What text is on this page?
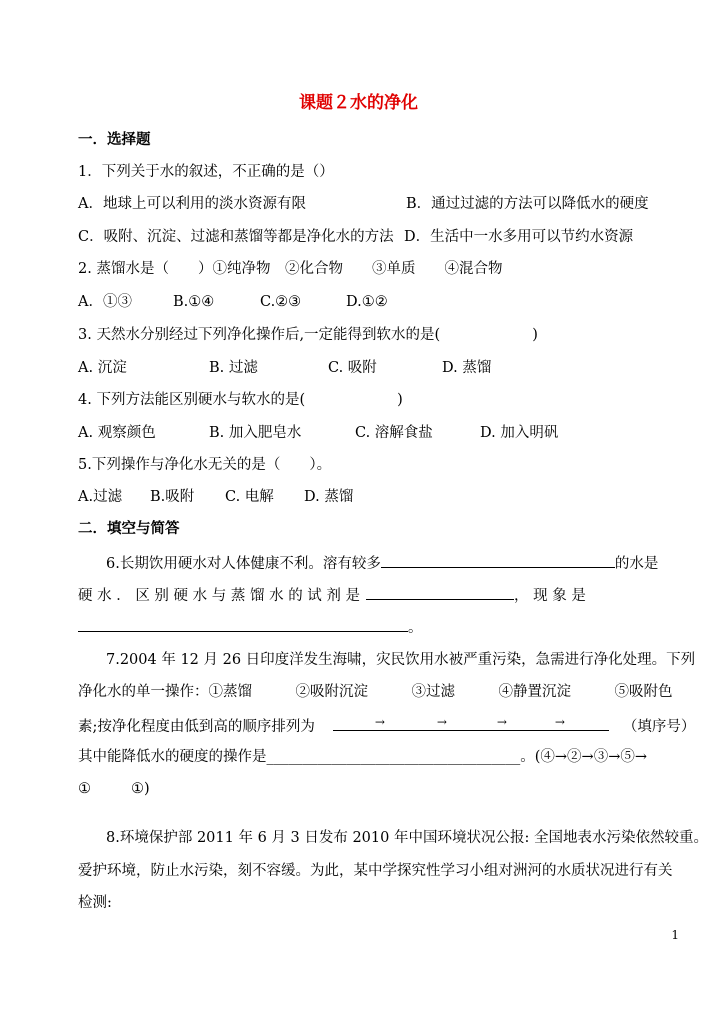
课题２水的净化
一．选择题
1．下列关于水的叙述，不正确的是（）
A．地球上可以利用的淡水资源有限	B．通过过滤的方法可以降低水的硬度
C．吸附、沉淀、过滤和蒸馏等都是净化水的方法 D．生活中一水多用可以节约水资源
2. 蒸馏水是（　　）①纯净物　②化合物　　③单质　　④混合物
A．①③	B.①④	C.②③	D.①②
3. 天然水分别经过下列净化操作后,一定能得到软水的是(	)
A. 沉淀	B. 过滤	C. 吸附	D. 蒸馏
4. 下列方法能区别硬水与软水的是(	)
A. 观察颜色	B. 加入肥皂水	C. 溶解食盐	D. 加入明矾
5.下列操作与净化水无关的是（　　）。
A.过滤 B.吸附 C. 电解 D. 蒸馏
二．填空与简答
6.长期饮用硬水对人体健康不利。溶有较多	的水是
硬 水 ． 区 别 硬 水 与 蒸 馏 水 的 试 剂 是	， 现 象 是
。
7.2004 年 12 月 26 日印度洋发生海啸，灾民饮用水被严重污染，急需进行净化处理。下列
净化水的单一操作：①蒸馏　　　②吸附沉淀　　　③过滤　　　④静置沉淀　　　⑤吸附色
素;按净化程度由低到高的顺序排列为	→	→	→	→	（填序号）
其中能降低水的硬度的操作是___________________________________。(④→②→③→⑤→
①	①)
8.环境保护部 2011 年 6 月 3 日发布 2010 年中国环境状况公报: 全国地表水污染依然较重。
爱护环境，防止水污染，刻不容缓。为此，某中学探究性学习小组对洲河的水质状况进行有关
检测:
1
